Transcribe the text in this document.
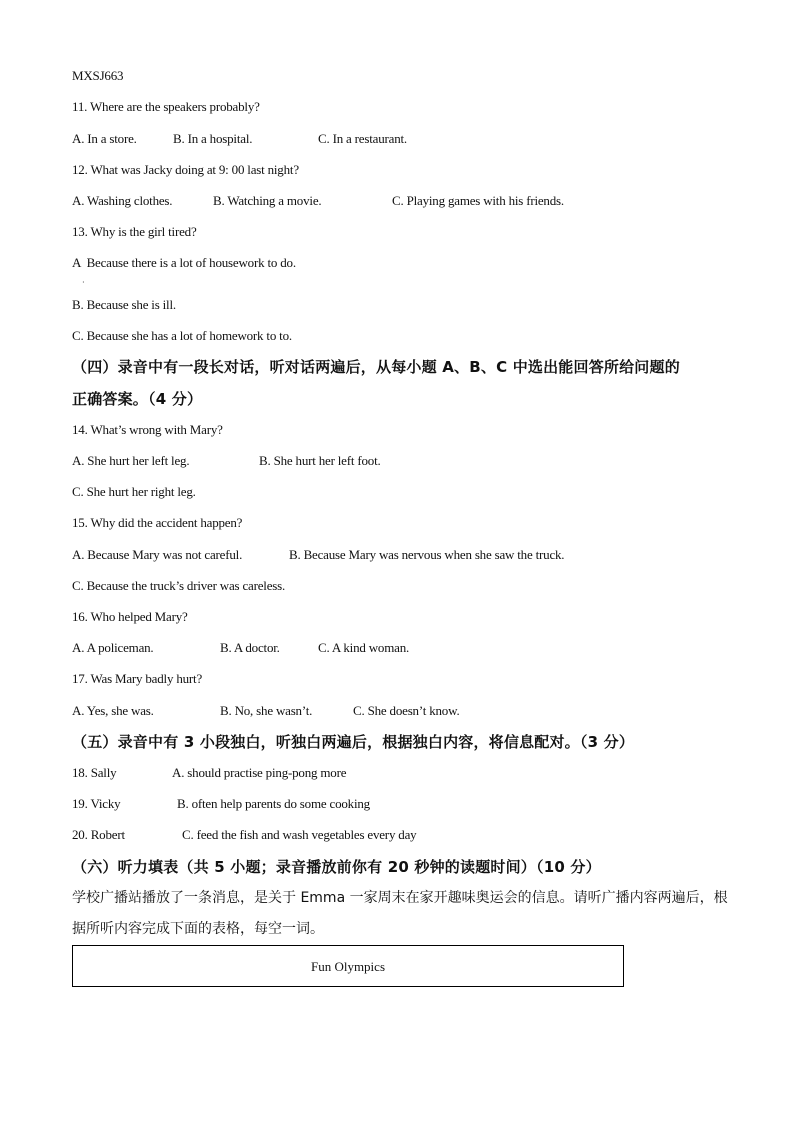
MXSJ663
11. Where are the speakers probably?
A. In a store.	B. In a hospital.	C. In a restaurant.
12. What was Jacky doing at 9: 00 last night?
A. Washing clothes.	B. Watching a movie.	C. Playing games with his friends.
13. Why is the girl tired?
A  Because there is a lot of housework to do.
·
B. Because she is ill.
C. Because she has a lot of homework to to.
（四）录音中有一段长对话，听对话两遍后，从每小题 A、B、C 中选出能回答所给问题的
正确答案。（4 分）
14. What’s wrong with Mary?
A. She hurt her left leg.	B. She hurt her left foot.
C. She hurt her right leg.
15. Why did the accident happen?
A. Because Mary was not careful.	B. Because Mary was nervous when she saw the truck.
C. Because the truck’s driver was careless.
16. Who helped Mary?
A. A policeman.	B. A doctor.	C. A kind woman.
17. Was Mary badly hurt?
A. Yes, she was.	B. No, she wasn’t.	C. She doesn’t know.
（五）录音中有 3 小段独白，听独白两遍后，根据独白内容，将信息配对。（3 分）
18. Sally	A. should practise ping-pong more
19. Vicky	B. often help parents do some cooking
20. Robert	C. feed the fish and wash vegetables every day
（六）听力填表（共 5 小题；录音播放前你有 20 秒钟的读题时间）（10 分）
学校广播站播放了一条消息，是关于 Emma 一家周末在家开趣味奥运会的信息。请听广播内容两遍后，根
据所听内容完成下面的表格，每空一词。
Fun Olympics
